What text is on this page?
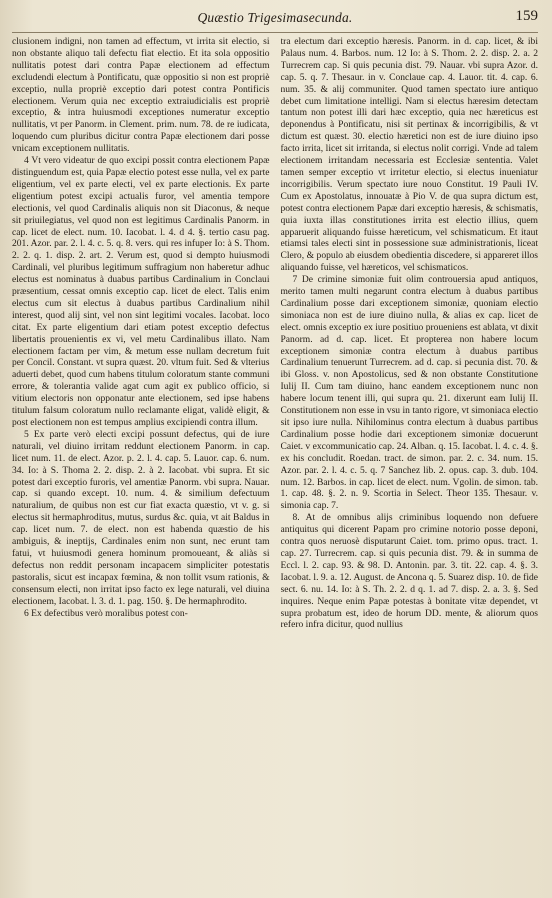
Quæstio Trigesimasecunda.	159

clusionem indigni, non tamen ad effectum, vt irrita sit electio, si non obstante aliquo tali defectu fiat electio. Et ita sola oppositio nullitatis potest dari contra Papæ electionem ad effectum excludendi electum à Pontificatu, quæ oppositio si non est propriè exceptio, nulla propriè exceptio dari potest contra Pontificis electionem. Verum quia nec exceptio extraiudicialis est propriè exceptio, & intra huiusmodi exceptiones numeratur exceptio nullitatis, vt per Panorm. in Clement. prim. num. 78. de re iudicata, loquendo cum pluribus dicitur contra Papæ electionem dari posse vnicam exceptionem nullitatis.

4 Vt vero videatur de quo excipi possit contra electionem Papæ distinguendum est, quia Papæ electio potest esse nulla, vel ex parte eligentium, vel ex parte electi, vel ex parte electionis. Ex parte eligentium potest excipi actualis furor, vel amentia tempore electionis, vel quod Cardinalis aliquis non sit Diaconus, & neque sit priuilegiatus, vel quod non est legitimus Cardinalis Panorm. in cap. licet de elect. num. 10. Iacobat. l. 4. d 4. §. tertio casu pag. 201. Azor. par. 2. l. 4. c. 5. q. 8. vers. qui res infuper Io: à S. Thom. 2. 2. q. 1. disp. 2. art. 2. Verum est, quod si dempto huiusmodi Cardinali, vel pluribus legitimum suffragium non haberetur adhuc electus est nominatus à duabus partibus Cardinalium in Conclaui præsentium, cessat omnis exceptio cap. licet de elect. Talis enim electus cum sit electus à duabus partibus Cardinalium nihil interest, quod alij sint, vel non sint legitimi vocales. Iacobat. loco citat. Ex parte eligentium dari etiam potest exceptio defectus libertatis prouenientis ex vi, vel metu Cardinalibus illato. Nam electionem factam per vim, & metum esse nullam decretum fuit per Concil. Constant. vt supra quæst. 20. vltum fuit. Sed & vlterius aduerti debet, quod cum habens titulum coloratum stante communi errore, & tolerantia valide agat cum agit ex publico officio, si vitium electoris non opponatur ante electionem, sed ipse habens titulum falsum coloratum nullo reclamante eligat, validè eligit, & post electionem non est tempus amplius excipiendi contra illum.

5 Ex parte verò electi excipi possunt defectus, qui de iure naturali, vel diuino irritam reddunt electionem Panorm. in cap. licet num. 11. de elect. Azor. p. 2. l. 4. cap. 5. Lauor. cap. 6. num. 34. Io: à S. Thoma 2. 2. disp. 2. à 2. Iacobat. vbi supra. Et sic potest dari exceptio furoris, vel amentiæ Panorm. vbi supra. Nauar. cap. si quando except. 10. num. 4. & similium defectuum naturalium, de quibus non est cur fiat exacta quæstio, vt v. g. si electus sit hermaphroditus, mutus, surdus &c. quia, vt ait Baldus in cap. licet num. 7. de elect. non est habenda quæstio de his ambiguis, & ineptijs, Cardinales enim non sunt, nec erunt tam fatui, vt huiusmodi genera hominum promoueant, & aliàs si defectus non reddit personam incapacem simpliciter potestatis pastoralis, sicut est incapax fœmina, & non tollit vsum rationis, & consensum electi, non irritat ipso facto ex lege naturali, vel diuina electionem, Iacobat. l. 3. d. 1. pag. 150. §. De hermaphrodito.

6 Ex defectibus verò moralibus potest con-

tra electum dari exceptio hæresis. Panorm. in d. cap. licet, & ibi Palaus num. 4. Barbos. num. 12 Io: à S. Thom. 2. 2. disp. 2. a. 2 Turrecrem cap. Si quis pecunia dist. 79. Nauar. vbi supra Azor. d. cap. 5. q. 7. Thesaur. in v. Conclaue cap. 4. Lauor. tit. 4. cap. 6. num. 35. & alij communiter. Quod tamen spectato iure antiquo debet cum limitatione intelligi. Nam si electus hæresim detectam tantum non potest illi dari hæc exceptio, quia nec hæreticus est deponendus à Pontificatu, nisi sit pertinax & incorrigibilis, & vt dictum est quæst. 30. electio hæretici non est de iure diuino ipso facto irrita, licet sit irritanda, si electus nolit corrigi. Vnde ad talem electionem irritandam necessaria est Ecclesiæ sententia. Valet tamen semper exceptio vt irritetur electio, si electus inueniatur incorrigibilis. Verum spectato iure nouo Constitut. 19 Pauli IV. Cum ex Apostolatus, innouatæ à Pio V. de qua supra dictum est, potest contra electionem Papæ dari exceptio hæresis, & schismatis, quia iuxta illas constitutiones irrita est electio illius, quem apparuerit aliquando fuisse hæreticum, vel schismaticum. Et itaut etiamsi tales electi sint in possessione suæ administrationis, liceat Clero, & populo ab eiusdem obedientia discedere, si appareret illos aliquando fuisse, vel hæreticos, vel schismaticos.

7 De crimine simoniæ fuit olim controuersia apud antiquos, merito tamen multi negarunt contra electum à duabus partibus Cardinalium posse dari exceptionem simoniæ, quoniam electio simoniaca non est de iure diuino nulla, & alias ex cap. licet de elect. omnis exceptio ex iure positiuo proueniens est ablata, vt dixit Panorm. ad d. cap. licet. Et propterea non habere locum exceptionem simoniæ contra electum à duabus partibus Cardinalium tenuerunt Turrecrem. ad d. cap. si pecunia dist. 70. & ibi Gloss. v. non Apostolicus, sed & non obstante Constitutione Iulij II. Cum tam diuino, hanc eandem exceptionem nunc non habere locum tenent illi, qui supra qu. 21. dixerunt eam Iulij II. Constitutionem non esse in vsu in tanto rigore, vt simoniaca electio sit ipso iure nulla. Nihilominus contra electum à duabus partibus Cardinalium posse hodie dari exceptionem simoniæ docuerunt Caiet. v excommunicatio cap. 24. Alban. q. 15. Iacobat. l. 4. c. 4. §. ex his concludit. Roedan. tract. de simon. par. 2. c. 34. num. 15. Azor. par. 2. l. 4. c. 5. q. 7 Sanchez lib. 2. opus. cap. 3. dub. 104. num. 12. Barbos. in cap. licet de elect. num. Vgolin. de simon. tab. 1. cap. 48. §. 2. n. 9. Scortia in Select. Theor 135. Thesaur. v. simonia cap. 7.

8. At de omnibus alijs criminibus loquendo non defuere antiquitus qui dicerent Papam pro crimine notorio posse deponi, contra quos neruosè disputarunt Caiet. tom. primo opus. tract. 1. cap. 27. Turrecrem. cap. si quis pecunia dist. 79. & in summa de Eccl. l. 2. cap. 93. & 98. D. Antonin. par. 3. tit. 22. cap. 4. §. 3. Iacobat. l. 9. a. 12. August. de Ancona q. 5. Suarez disp. 10. de fide sect. 6. nu. 14. Io: à S. Th. 2. 2. d q. 1. ad 7. disp. 2. a. 3. §. Sed inquires. Neque enim Papæ potestas à bonitate vitæ dependet, vt supra probatum est, ideo de horum DD. mente, & aliorum quos refero infra dicitur, quod nullius
